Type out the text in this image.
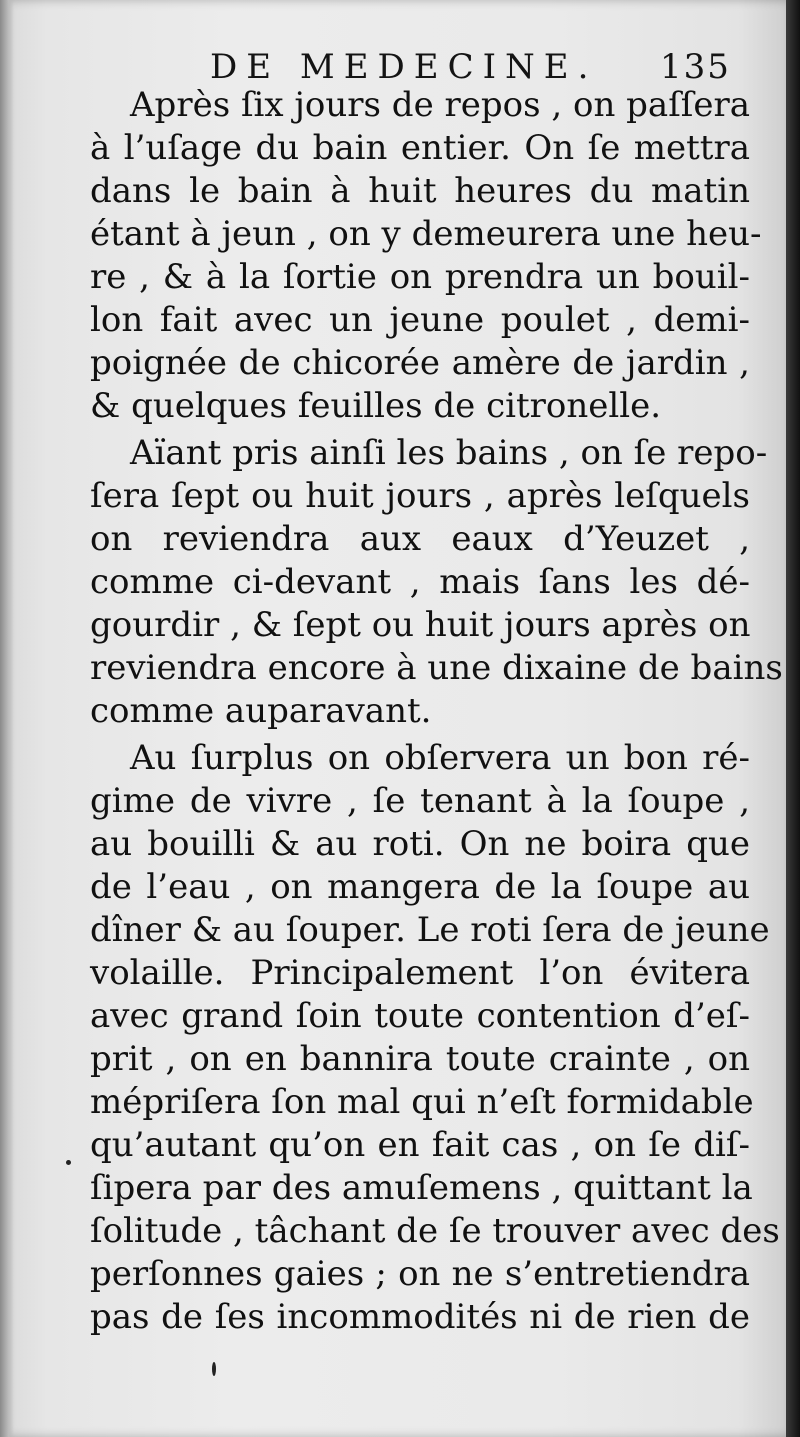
DE MEDECINE. 135
Après ſix jours de repos , on paſſera
à l’uſage du bain entier. On ſe mettra
dans le bain à huit heures du matin
étant à jeun , on y demeurera une heu-
re , & à la ſortie on prendra un bouil-
lon fait avec un jeune poulet , demi-
poignée de chicorée amère de jardin ,
& quelques feuilles de citronelle.
Aïant pris ainſi les bains , on ſe repo-
ſera ſept ou huit jours , après leſquels
on reviendra aux eaux d’Yeuzet ,
comme ci-devant , mais ſans les dé-
gourdir , & ſept ou huit jours après on
reviendra encore à une dixaine de bains
comme auparavant.
Au ſurplus on obſervera un bon ré-
gime de vivre , ſe tenant à la ſoupe ,
au bouilli & au roti. On ne boira que
de l’eau , on mangera de la ſoupe au
dîner & au ſouper. Le roti ſera de jeune
volaille. Principalement l’on évitera
avec grand ſoin toute contention d’eſ-
prit , on en bannira toute crainte , on
mépriſera ſon mal qui n’eſt formidable
qu’autant qu’on en fait cas , on ſe diſ-
ſipera par des amuſemens , quittant la
ſolitude , tâchant de ſe trouver avec des
perſonnes gaies ; on ne s’entretiendra
pas de ſes incommodités ni de rien de
